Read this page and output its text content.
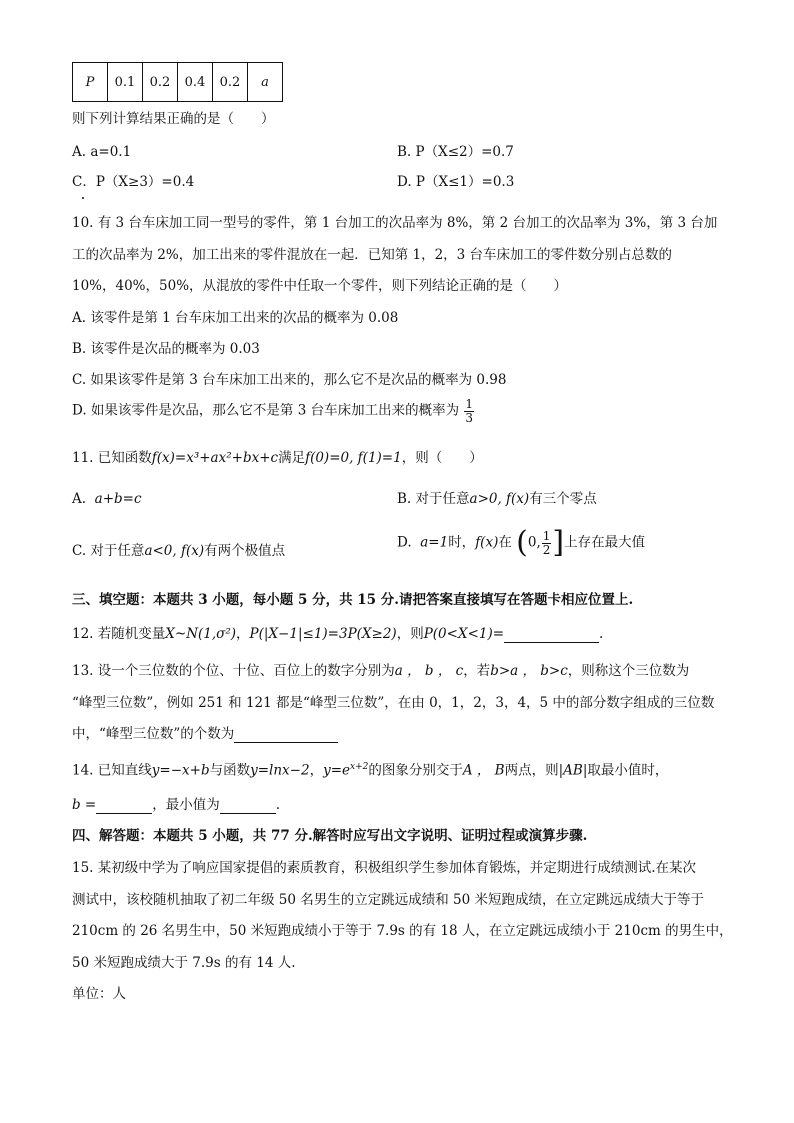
P	0.1	0.2	0.4	0.2	a
则下列计算结果正确的是（　　）
A. a=0.1	B. P（X≤2）=0.7
C．P（X≥3）=0.4	D. P（X≤1）=0.3
10. 有 3 台车床加工同一型号的零件，第 1 台加工的次品率为 8%，第 2 台加工的次品率为 3%，第 3 台加
工的次品率为 2%，加工出来的零件混放在一起．已知第 1，2，3 台车床加工的零件数分别占总数的
10%，40%，50%，从混放的零件中任取一个零件，则下列结论正确的是（　　）
A. 该零件是第 1 台车床加工出来的次品的概率为 0.08
B. 该零件是次品的概率为 0.03
C. 如果该零件是第 3 台车床加工出来的，那么它不是次品的概率为 0.98
D. 如果该零件是次品，那么它不是第 3 台车床加工出来的概率为 $\frac{1}{3}$
11. 已知函数f(x)=x³+ax²+bx+c满足f(0)=0, f(1)=1，则（　　）
A. a+b=c	B. 对于任意a>0, f(x)有三个零点
C. 对于任意a<0, f(x)有两个极值点
D. a=1时，f(x)在 (0, $\frac{1}{2}$ ]上存在最大值
三、填空题：本题共 3 小题，每小题 5 分，共 15 分.请把答案直接填写在答题卡相应位置上.
12. 若随机变量X~N(1,σ²)，P(|X−1|≤1)=3P(X≥2)，则P(0<X<1)=	.
13. 设一个三位数的个位、十位、百位上的数字分别为a ， b ， c，若b>a ， b>c，则称这个三位数为
“峰型三位数”，例如 251 和 121 都是“峰型三位数”，在由 0，1，2，3，4，5 中的部分数字组成的三位数
中，“峰型三位数”的个数为
14. 已知直线y=−x+b与函数y=lnx−2，$y=e^{x+2}$的图象分别交于A ， B两点，则|AB|取最小值时，
b =	，最小值为	.
四、解答题：本题共 5 小题，共 77 分.解答时应写出文字说明、证明过程或演算步骤.
15. 某初级中学为了响应国家提倡的素质教育，积极组织学生参加体育锻炼，并定期进行成绩测试.在某次
测试中，该校随机抽取了初二年级 50 名男生的立定跳远成绩和 50 米短跑成绩，在立定跳远成绩大于等于
210cm 的 26 名男生中，50 米短跑成绩小于等于 7.9s 的有 18 人，在立定跳远成绩小于 210cm 的男生中，
50 米短跑成绩大于 7.9s 的有 14 人.
单位：人
